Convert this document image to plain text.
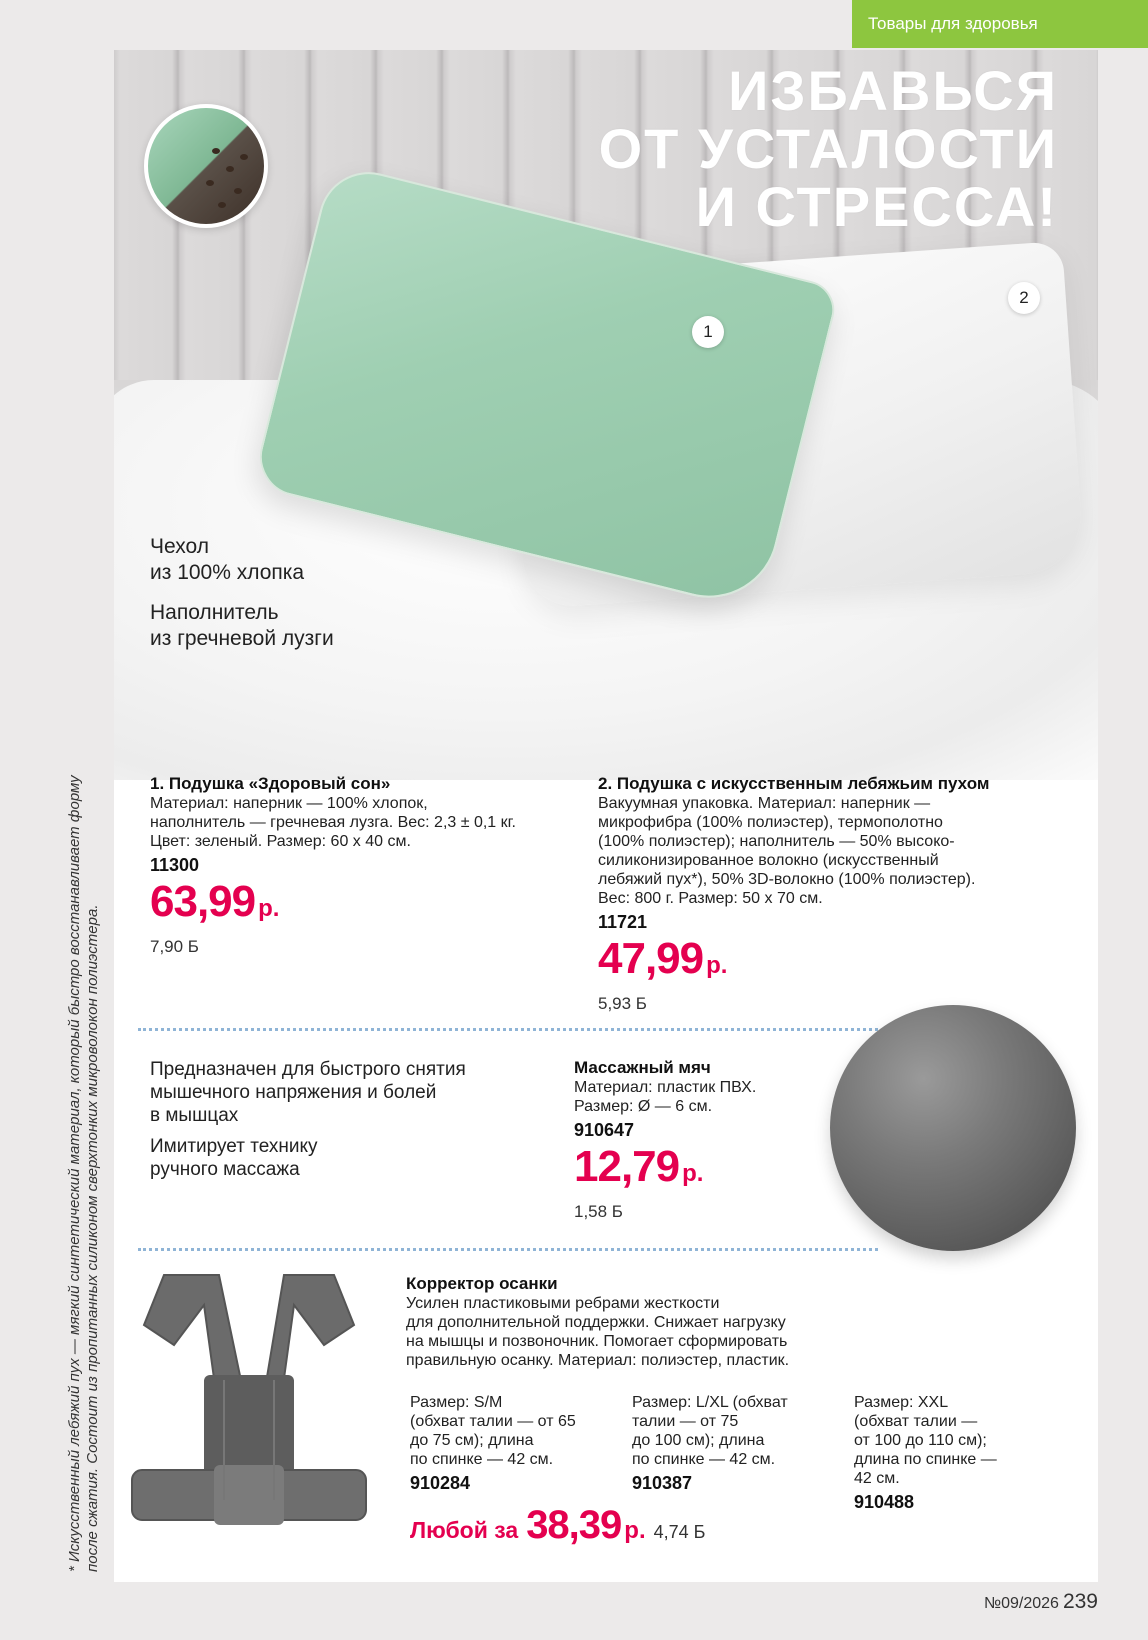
1
2
ИЗБАВЬСЯ
ОТ УСТАЛОСТИ
И СТРЕССА!
Чехол
из 100% хлопка
Наполнитель
из гречневой лузги
1. Подушка «Здоровый сон»
Материал: наперник — 100% хлопок,
наполнитель — гречневая лузга. Вес: 2,3 ± 0,1 кг.
Цвет: зеленый. Размер: 60 х 40 см.
11300
63,99 р.
7,90 Б
2. Подушка с искусственным лебяжьим пухом
Вакуумная упаковка. Материал: наперник —
микрофибра (100% полиэстер), термополотно
(100% полиэстер); наполнитель — 50% высоко-
силиконизированное волокно (искусственный
лебяжий пух*), 50% 3D-волокно (100% полиэстер).
Вес: 800 г. Размер: 50 х 70 см.
11721
47,99 р.
5,93 Б
Предназначен для быстрого снятия
мышечного напряжения и болей
в мышцах
Имитирует технику
ручного массажа
Массажный мяч
Материал: пластик ПВХ.
Размер: Ø — 6 см.
910647
12,79 р.
1,58 Б
Корректор осанки
Усилен пластиковыми ребрами жесткости
для дополнительной поддержки. Снижает нагрузку
на мышцы и позвоночник. Помогает сформировать
правильную осанку. Материал: полиэстер, пластик.
Размер: S/M
(обхват талии — от 65
до 75 см); длина
по спинке — 42 см.
910284
Размер: L/XL (обхват
талии — от 75
до 100 см); длина
по спинке — 42 см.
910387
Размер: XXL
(обхват талии —
от 100 до 110 см);
длина по спинке —
42 см.
910488
Любой за 38,39 р. 4,74 Б
Товары для здоровья
* Искусственный лебяжий пух — мягкий синтетический материал, который быстро восстанавливает форму после сжатия. Состоит из пропитанных силиконом сверхтонких микроволокон полиэстера.
№09/2026 239
